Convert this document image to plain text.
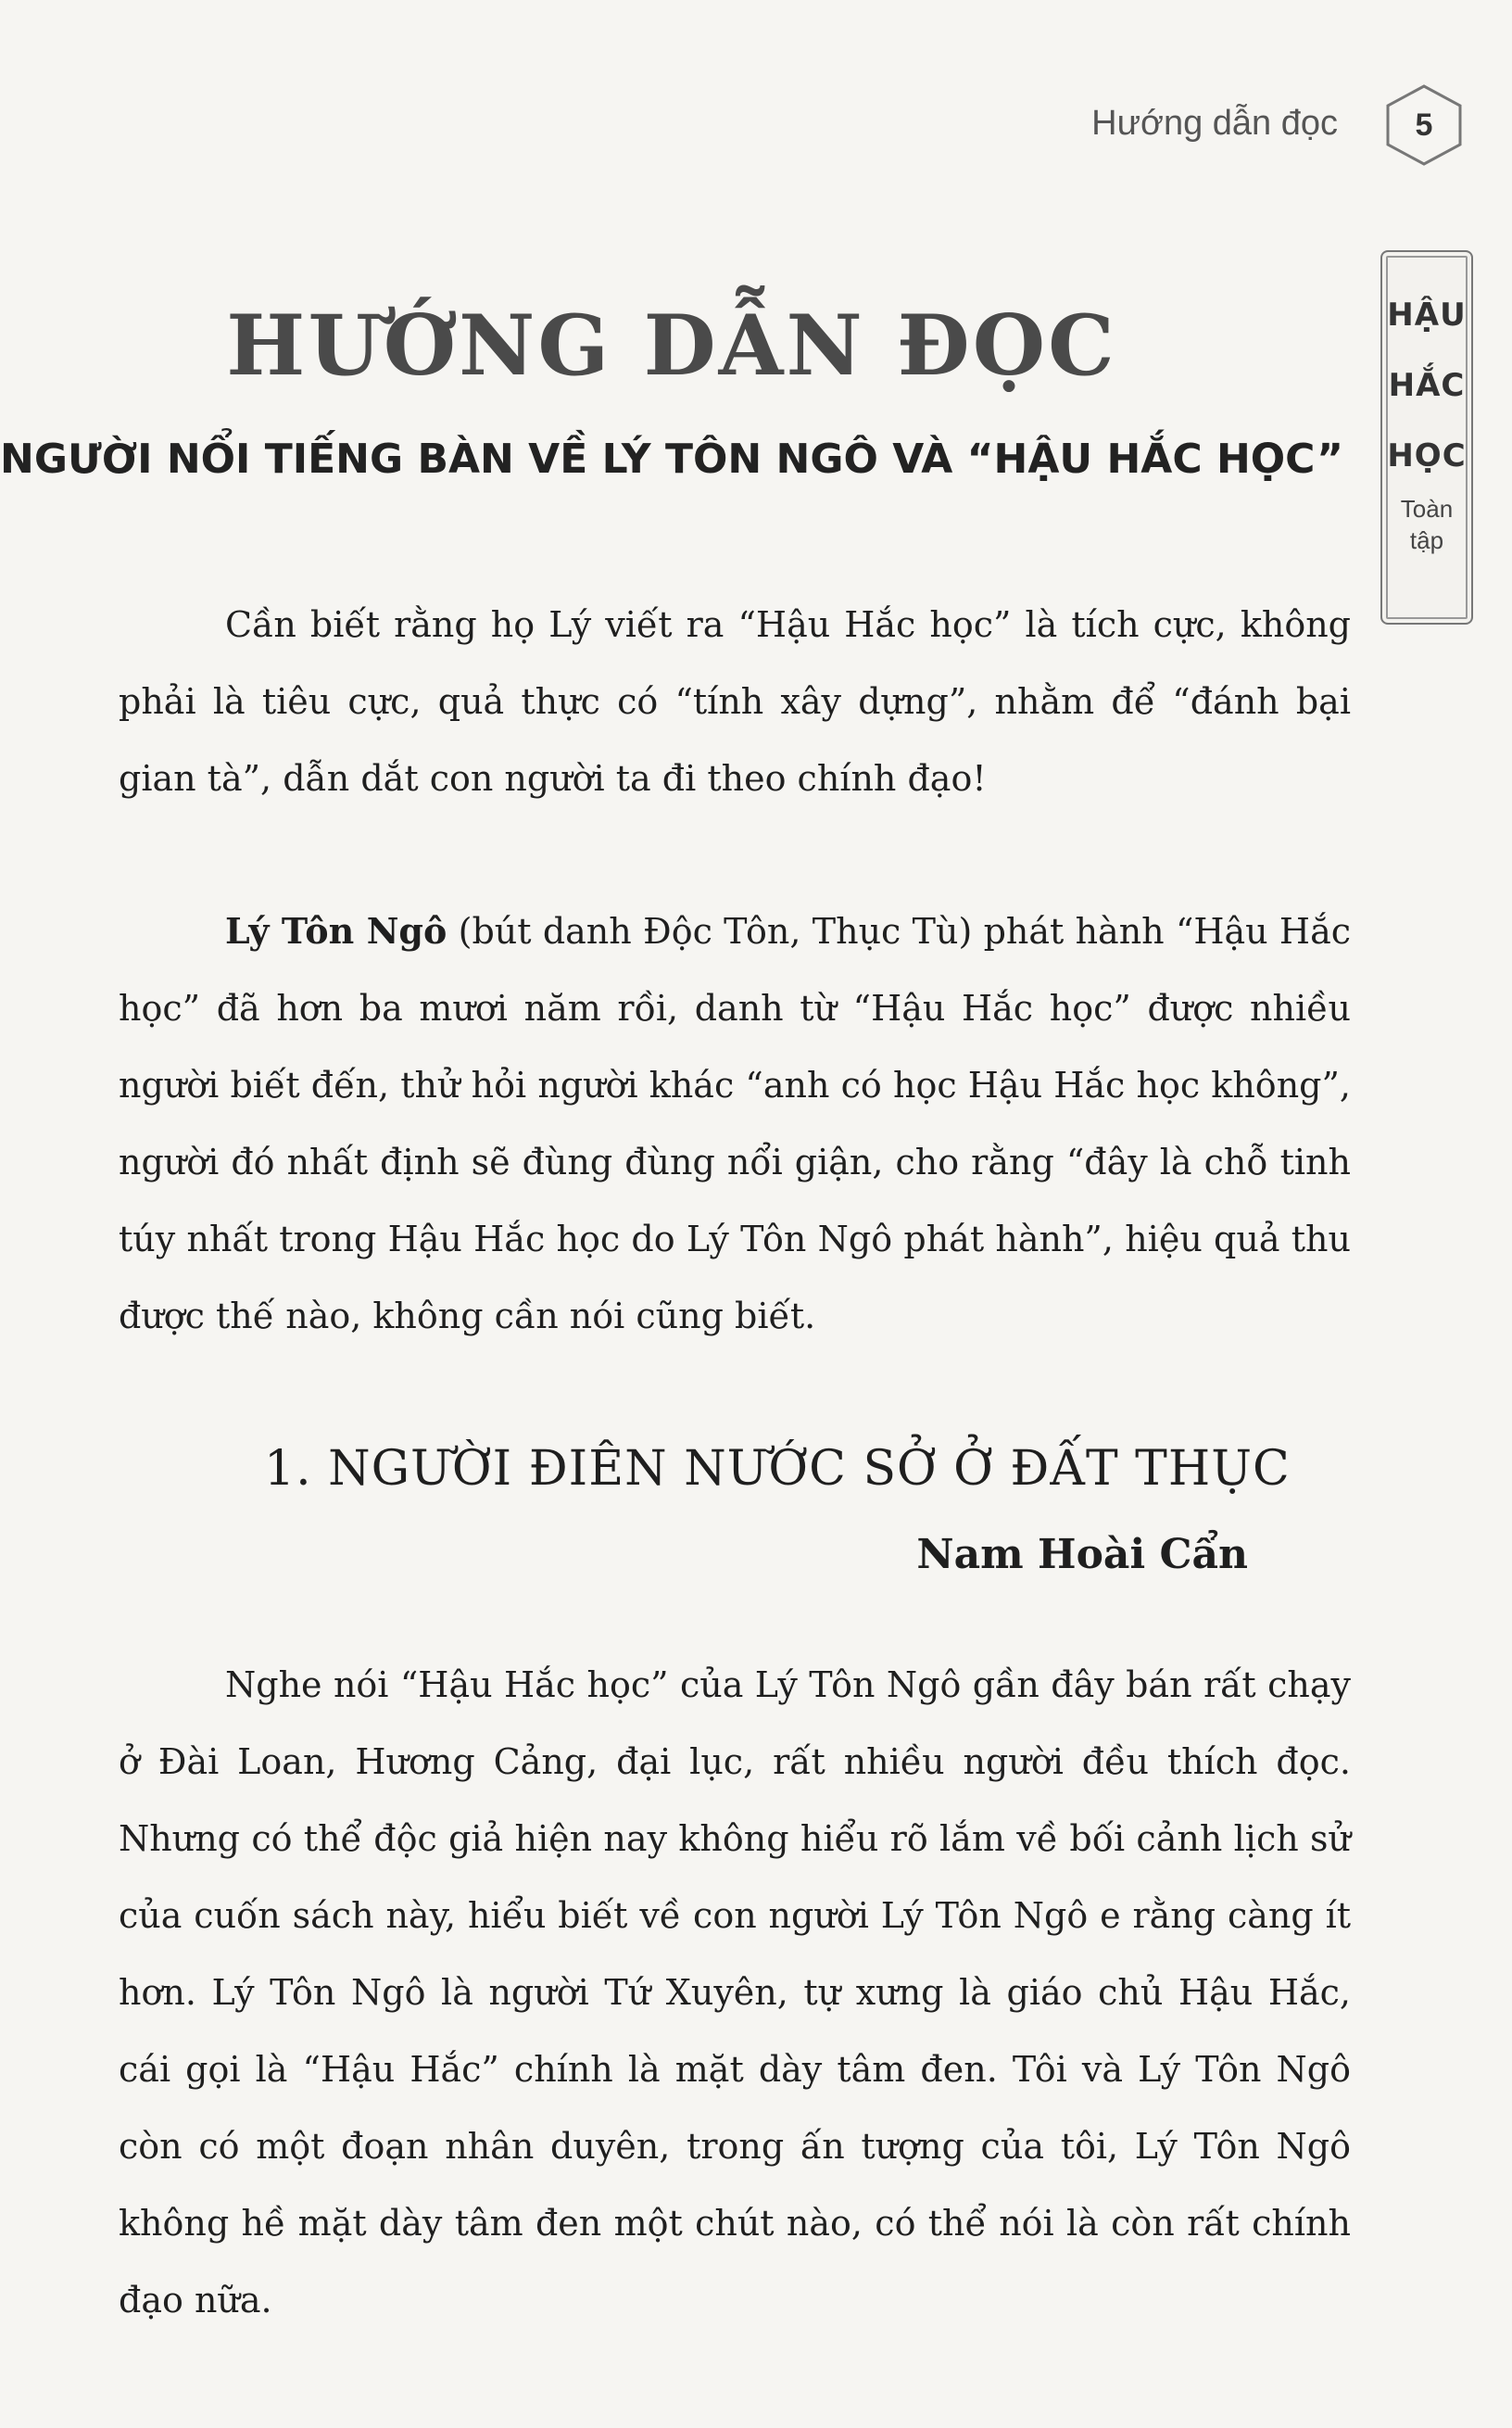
Hướng dẫn đọc	5
HẬU
HẮC
HỌC
Toàn
tập
HƯỚNG DẪN ĐỌC
NGƯỜI NỔI TIẾNG BÀN VỀ LÝ TÔN NGÔ VÀ “HẬU HẮC HỌC”

Cần biết rằng họ Lý viết ra “Hậu Hắc học” là tích cực, không phải là tiêu cực, quả thực có “tính xây dựng”, nhằm để “đánh bại gian tà”, dẫn dắt con người ta đi theo chính đạo!

Lý Tôn Ngô (bút danh Độc Tôn, Thục Tù) phát hành “Hậu Hắc học” đã hơn ba mươi năm rồi, danh từ “Hậu Hắc học” được nhiều người biết đến, thử hỏi người khác “anh có học Hậu Hắc học không”, người đó nhất định sẽ đùng đùng nổi giận, cho rằng “đây là chỗ tinh túy nhất trong Hậu Hắc học do Lý Tôn Ngô phát hành”, hiệu quả thu được thế nào, không cần nói cũng biết.

1. NGƯỜI ĐIÊN NƯỚC SỞ Ở ĐẤT THỤC
Nam Hoài Cẩn

Nghe nói “Hậu Hắc học” của Lý Tôn Ngô gần đây bán rất chạy ở Đài Loan, Hương Cảng, đại lục, rất nhiều người đều thích đọc. Nhưng có thể độc giả hiện nay không hiểu rõ lắm về bối cảnh lịch sử của cuốn sách này, hiểu biết về con người Lý Tôn Ngô e rằng càng ít hơn. Lý Tôn Ngô là người Tứ Xuyên, tự xưng là giáo chủ Hậu Hắc, cái gọi là “Hậu Hắc” chính là mặt dày tâm đen. Tôi và Lý Tôn Ngô còn có một đoạn nhân duyên, trong ấn tượng của tôi, Lý Tôn Ngô không hề mặt dày tâm đen một chút nào, có thể nói là còn rất chính đạo nữa.
